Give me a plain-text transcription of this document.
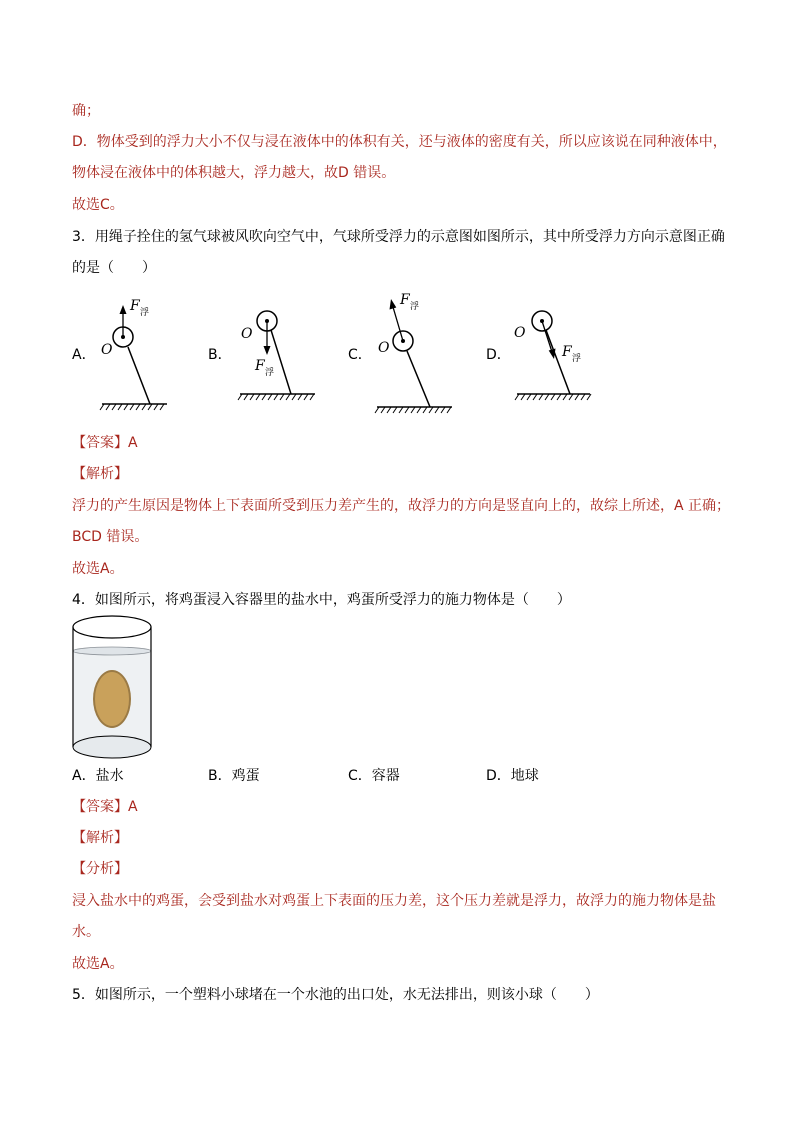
确；
D．物体受到的浮力大小不仅与浸在液体中的体积有关，还与液体的密度有关，所以应该说在同种液体中，
物体浸在液体中的体积越大，浮力越大，故D 错误。
故选C。
3．用绳子拴住的氢气球被风吹向空气中，气球所受浮力的示意图如图所示，其中所受浮力方向示意图正确
的是（　　）
A．
F 浮
O	B．
O
F 浮
C．
F 浮
O	D．
O
F 浮
【答案】A
【解析】
浮力的产生原因是物体上下表面所受到压力差产生的，故浮力的方向是竖直向上的，故综上所述，A 正确；
BCD 错误。
故选A。
4．如图所示，将鸡蛋浸入容器里的盐水中，鸡蛋所受浮力的施力物体是（　　）
A．盐水	B．鸡蛋	C．容器	D．地球
【答案】A
【解析】
【分析】
浸入盐水中的鸡蛋，会受到盐水对鸡蛋上下表面的压力差，这个压力差就是浮力，故浮力的施力物体是盐
水。
故选A。
5．如图所示，一个塑料小球堵在一个水池的出口处，水无法排出，则该小球（　　）
